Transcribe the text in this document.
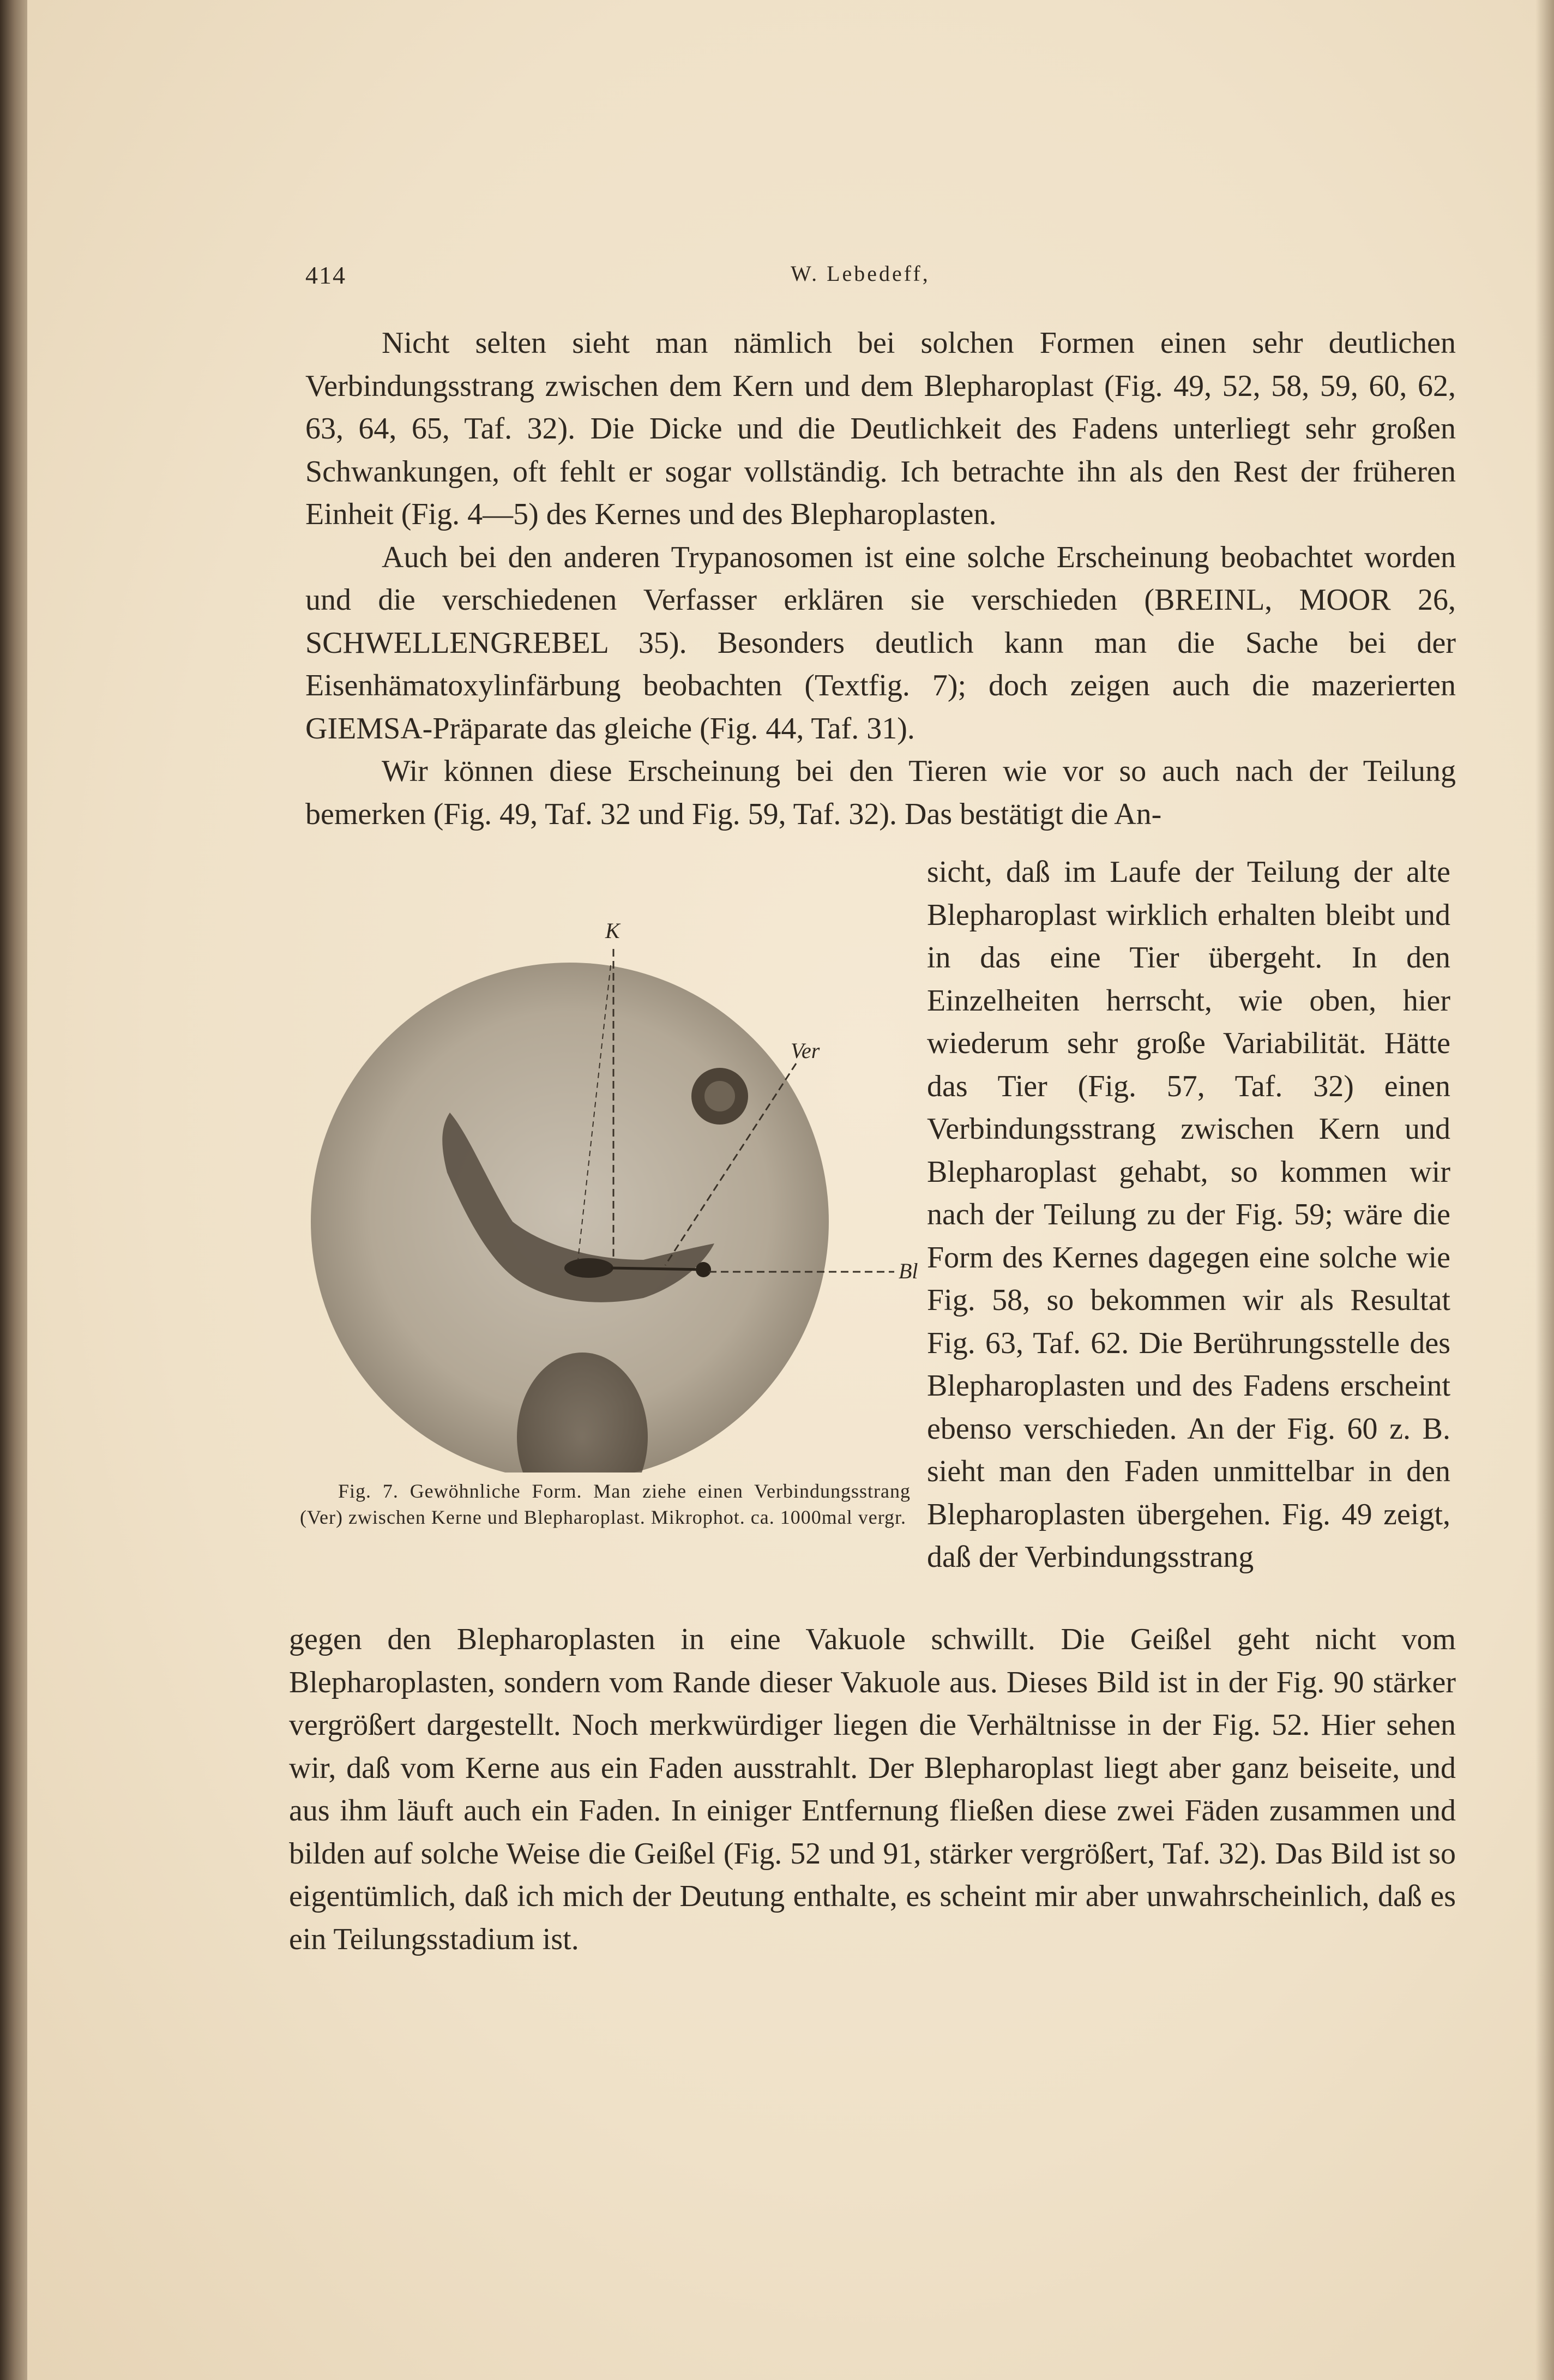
414	W. Lebedeff,

Nicht selten sieht man nämlich bei solchen Formen einen sehr deutlichen Verbindungsstrang zwischen dem Kern und dem Blepharoplast (Fig. 49, 52, 58, 59, 60, 62, 63, 64, 65, Taf. 32). Die Dicke und die Deutlichkeit des Fadens unterliegt sehr großen Schwankungen, oft fehlt er sogar vollständig. Ich betrachte ihn als den Rest der früheren Einheit (Fig. 4—5) des Kernes und des Blepharoplasten.

Auch bei den anderen Trypanosomen ist eine solche Erscheinung beobachtet worden und die verschiedenen Verfasser erklären sie verschieden (BREINL, MOOR 26, SCHWELLENGREBEL 35). Besonders deutlich kann man die Sache bei der Eisenhämatoxylinfärbung beobachten (Textfig. 7); doch zeigen auch die mazerierten GIEMSA-Präparate das gleiche (Fig. 44, Taf. 31).

Wir können diese Erscheinung bei den Tieren wie vor so auch nach der Teilung bemerken (Fig. 49, Taf. 32 und Fig. 59, Taf. 32). Das bestätigt die An-

sicht, daß im Laufe der Teilung der alte Blepharoplast wirklich erhalten bleibt und in das eine Tier übergeht. In den Einzelheiten herrscht, wie oben, hier wiederum sehr große Variabilität. Hätte das Tier (Fig. 57, Taf. 32) einen Verbindungsstrang zwischen Kern und Blepharoplast gehabt, so kommen wir nach der Teilung zu der Fig. 59; wäre die Form des Kernes dagegen eine solche wie Fig. 58, so bekommen wir als Resultat Fig. 63, Taf. 62. Die Berührungsstelle des Blepharoplasten und des Fadens erscheint ebenso verschieden. An der Fig. 60 z. B. sieht man den Faden unmittelbar in den Blepharoplasten übergehen. Fig. 49 zeigt, daß der Verbindungsstrang

K
Ver
Bl
Fig. 7. Gewöhnliche Form. Man ziehe einen Verbindungsstrang (Ver) zwischen Kerne und Blepharoplast. Mikrophot. ca. 1000mal vergr.

gegen den Blepharoplasten in eine Vakuole schwillt. Die Geißel geht nicht vom Blepharoplasten, sondern vom Rande dieser Vakuole aus. Dieses Bild ist in der Fig. 90 stärker vergrößert dargestellt. Noch merkwürdiger liegen die Verhältnisse in der Fig. 52. Hier sehen wir, daß vom Kerne aus ein Faden ausstrahlt. Der Blepharoplast liegt aber ganz beiseite, und aus ihm läuft auch ein Faden. In einiger Entfernung fließen diese zwei Fäden zusammen und bilden auf solche Weise die Geißel (Fig. 52 und 91, stärker vergrößert, Taf. 32). Das Bild ist so eigentümlich, daß ich mich der Deutung enthalte, es scheint mir aber unwahrscheinlich, daß es ein Teilungsstadium ist.
